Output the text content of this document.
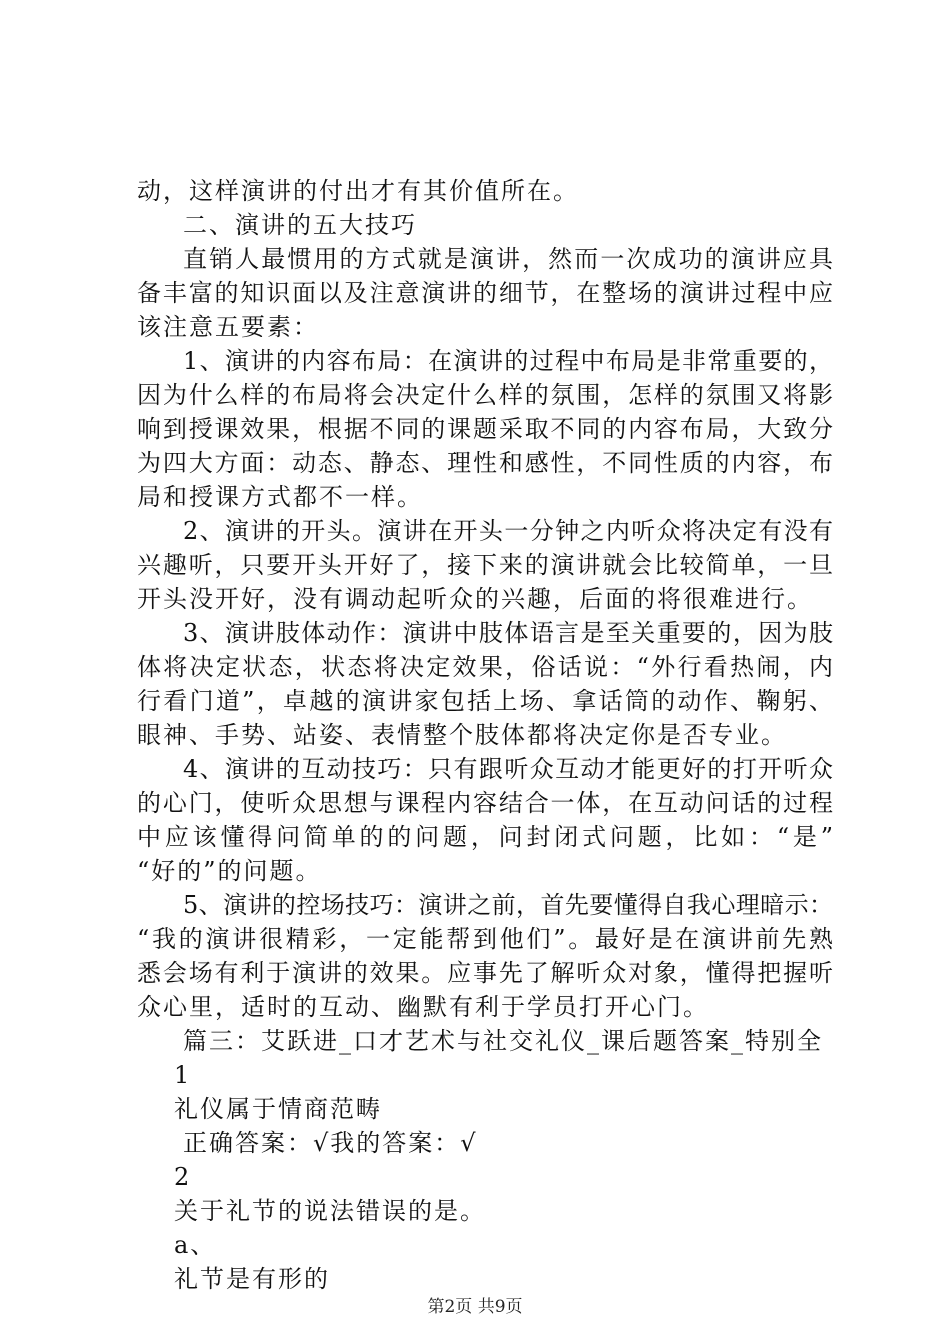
动，这样演讲的付出才有其价值所在。
二、演讲的五大技巧
直销人最惯用的方式就是演讲，然而一次成功的演讲应具
备丰富的知识面以及注意演讲的细节，在整场的演讲过程中应
该注意五要素：
1、演讲的内容布局：在演讲的过程中布局是非常重要的，
因为什么样的布局将会决定什么样的氛围，怎样的氛围又将影
响到授课效果，根据不同的课题采取不同的内容布局，大致分
为四大方面：动态、静态、理性和感性，不同性质的内容，布
局和授课方式都不一样。
2、演讲的开头。演讲在开头一分钟之内听众将决定有没有
兴趣听，只要开头开好了，接下来的演讲就会比较简单，一旦
开头没开好，没有调动起听众的兴趣，后面的将很难进行。
3、演讲肢体动作：演讲中肢体语言是至关重要的，因为肢
体将决定状态，状态将决定效果，俗话说：“外行看热闹，内
行看门道”，卓越的演讲家包括上场、拿话筒的动作、鞠躬、
眼神、手势、站姿、表情整个肢体都将决定你是否专业。
4、演讲的互动技巧：只有跟听众互动才能更好的打开听众
的心门，使听众思想与课程内容结合一体，在互动问话的过程
中应该懂得问简单的的问题，问封闭式问题，比如：“是”
“好的”的问题。
5、演讲的控场技巧：演讲之前，首先要懂得自我心理暗示：
“我的演讲很精彩，一定能帮到他们”。最好是在演讲前先熟
悉会场有利于演讲的效果。应事先了解听众对象，懂得把握听
众心里，适时的互动、幽默有利于学员打开心门。
篇三：艾跃进_口才艺术与社交礼仪_课后题答案_特别全
1
礼仪属于情商范畴
正确答案：√我的答案：√
2
关于礼节的说法错误的是。
a、
礼节是有形的
第2页 共9页
